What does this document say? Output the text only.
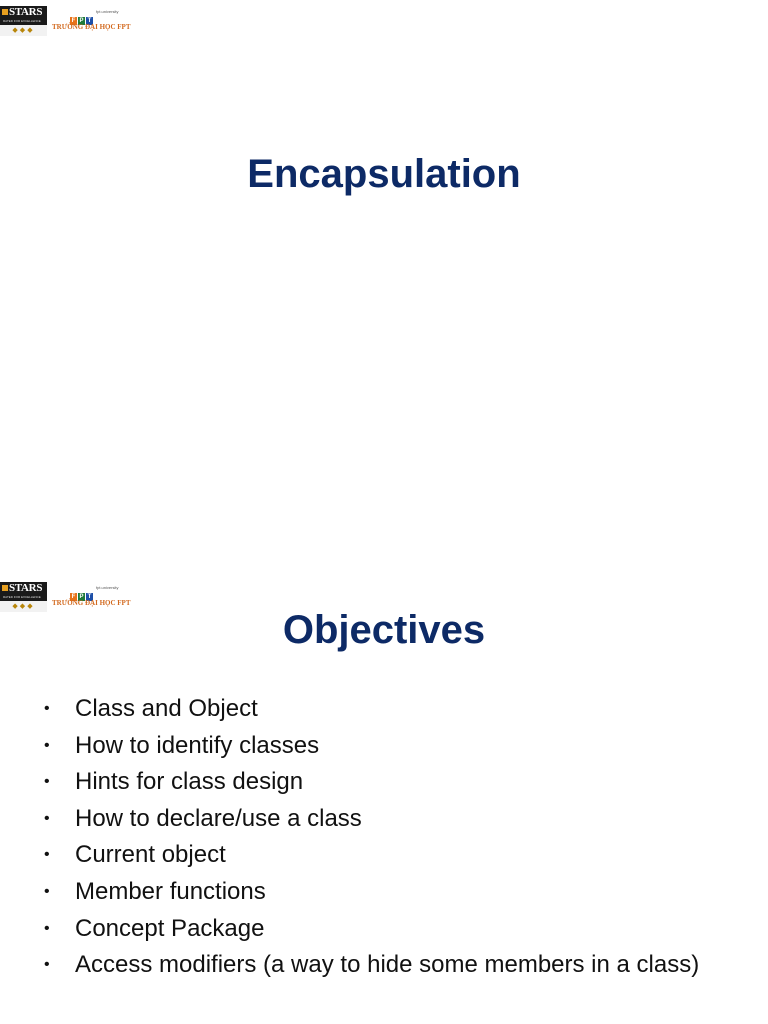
STARS
RATED FOR EXCELLENCE
◆◆◆
F P $T^{fpt.university}$
TRƯỜNG ĐẠI HỌC FPT
Encapsulation
STARS
RATED FOR EXCELLENCE
◆◆◆
F P $T^{fpt.university}$
TRƯỜNG ĐẠI HỌC FPT
Objectives
• Class and Object
• How to identify classes
• Hints for class design
• How to declare/use a class
• Current object
• Member functions
• Concept Package
• Access modifiers (a way to hide some members in a class)
